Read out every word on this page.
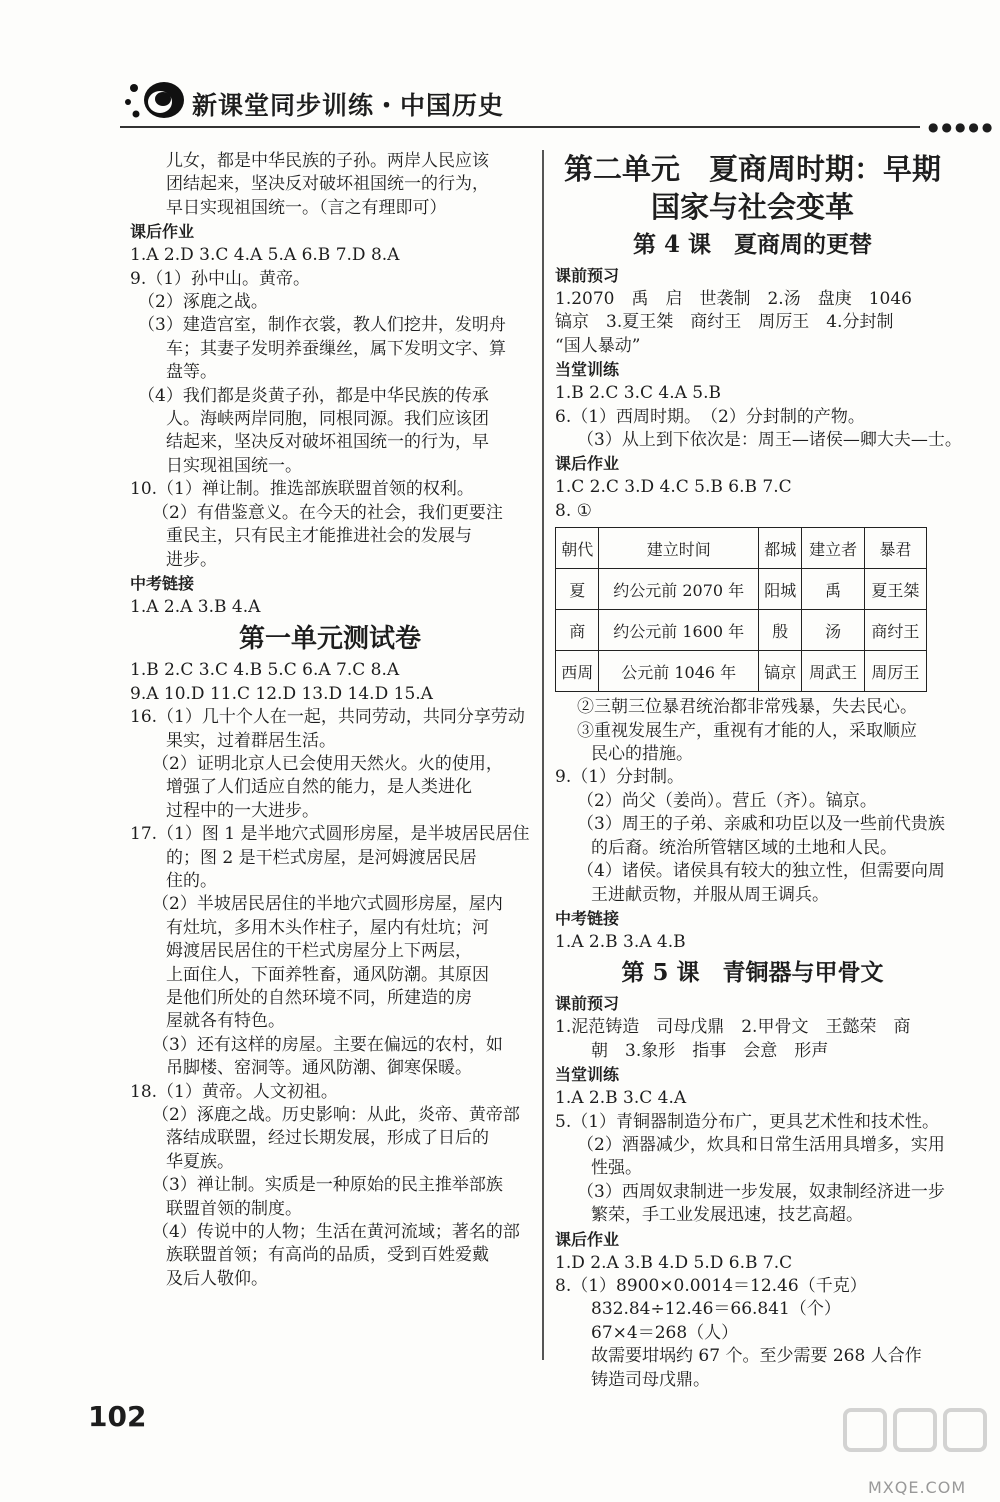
新课堂同步训练・中国历史
●●●●●
儿女，都是中华民族的子孙。两岸人民应该
团结起来，坚决反对破坏祖国统一的行为，
早日实现祖国统一。（言之有理即可）
课后作业
1.A 2.D 3.C 4.A 5.A 6.B 7.D 8.A
9.（1）孙中山。黄帝。
（2）涿鹿之战。
（3）建造宫室，制作衣裳，教人们挖井，发明舟
车；其妻子发明养蚕缫丝，属下发明文字、算
盘等。
（4）我们都是炎黄子孙，都是中华民族的传承
人。海峡两岸同胞，同根同源。我们应该团
结起来，坚决反对破坏祖国统一的行为，早
日实现祖国统一。
10.（1）禅让制。推选部族联盟首领的权利。
（2）有借鉴意义。在今天的社会，我们更要注
重民主，只有民主才能推进社会的发展与
进步。
中考链接
1.A 2.A 3.B 4.A
第一单元测试卷
1.B 2.C 3.C 4.B 5.C 6.A 7.C 8.A
9.A 10.D 11.C 12.D 13.D 14.D 15.A
16.（1）几十个人在一起，共同劳动，共同分享劳动
果实，过着群居生活。
（2）证明北京人已会使用天然火。火的使用，
增强了人们适应自然的能力，是人类进化
过程中的一大进步。
17.（1）图 1 是半地穴式圆形房屋，是半坡居民居住
的；图 2 是干栏式房屋，是河姆渡居民居
住的。
（2）半坡居民居住的半地穴式圆形房屋，屋内
有灶坑，多用木头作柱子，屋内有灶坑；河
姆渡居民居住的干栏式房屋分上下两层，
上面住人，下面养牲畜，通风防潮。其原因
是他们所处的自然环境不同，所建造的房
屋就各有特色。
（3）还有这样的房屋。主要在偏远的农村，如
吊脚楼、窑洞等。通风防潮、御寒保暖。
18.（1）黄帝。人文初祖。
（2）涿鹿之战。历史影响：从此，炎帝、黄帝部
落结成联盟，经过长期发展，形成了日后的
华夏族。
（3）禅让制。实质是一种原始的民主推举部族
联盟首领的制度。
（4）传说中的人物；生活在黄河流域；著名的部
族联盟首领；有高尚的品质，受到百姓爱戴
及后人敬仰。
第二单元　夏商周时期：早期
国家与社会变革
第 4 课　夏商周的更替
课前预习
1.2070　禹　启　世袭制　2.汤　盘庚　1046
镐京　3.夏王桀　商纣王　周厉王　4.分封制
“国人暴动”
当堂训练
1.B 2.C 3.C 4.A 5.B
6.（1）西周时期。　（2）分封制的产物。
（3）从上到下依次是：周王—诸侯—卿大夫—士。
课后作业
1.C 2.C 3.D 4.C 5.B 6.B 7.C
8. ①
朝代	建立时间	都城	建立者	暴君
夏	约公元前 2070 年	阳城	禹	夏王桀
商	约公元前 1600 年	殷	汤	商纣王
西周	公元前 1046 年	镐京	周武王	周厉王
②三朝三位暴君统治都非常残暴，失去民心。
③重视发展生产，重视有才能的人，采取顺应
民心的措施。
9.（1）分封制。
（2）尚父（姜尚）。营丘（齐）。镐京。
（3）周王的子弟、亲戚和功臣以及一些前代贵族
的后裔。统治所管辖区域的土地和人民。
（4）诸侯。诸侯具有较大的独立性，但需要向周
王进献贡物，并服从周王调兵。
中考链接
1.A 2.B 3.A 4.B
第 5 课　青铜器与甲骨文
课前预习
1.泥范铸造　司母戊鼎　2.甲骨文　王懿荣　商
朝　3.象形　指事　会意　形声
当堂训练
1.A 2.B 3.C 4.A
5.（1）青铜器制造分布广，更具艺术性和技术性。
（2）酒器减少，炊具和日常生活用具增多，实用
性强。
（3）西周奴隶制进一步发展，奴隶制经济进一步
繁荣，手工业发展迅速，技艺高超。
课后作业
1.D 2.A 3.B 4.D 5.D 6.B 7.C
8.（1）8900×0.0014＝12.46（千克）
832.84÷12.46＝66.841（个）
67×4＝268（人）
故需要坩埚约 67 个。至少需要 268 人合作
铸造司母戊鼎。
102
MXQE.COM
